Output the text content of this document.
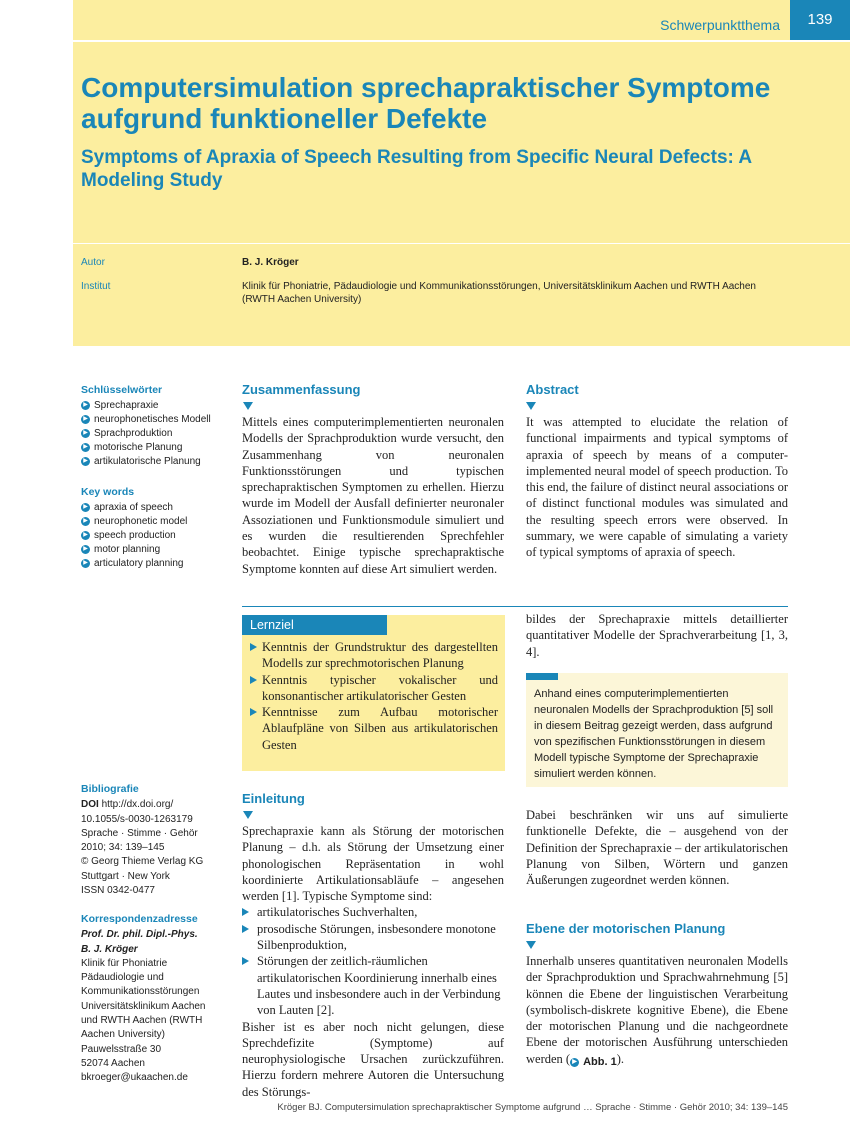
Schwerpunktthema	139
Computersimulation sprechapraktischer Symptome aufgrund funktioneller Defekte
Symptoms of Apraxia of Speech Resulting from Specific Neural Defects: A Modeling Study
Autor	B. J. Kröger
Institut	Klinik für Phoniatrie, Pädaudiologie und Kommunikationsstörungen, Universitätsklinikum Aachen und RWTH Aachen
(RWTH Aachen University)
Schlüsselwörter
▶ Sprechapraxie
▶ neurophonetisches Modell
▶ Sprachproduktion
▶ motorische Planung
▶ artikulatorische Planung
Key words
▶ apraxia of speech
▶ neurophonetic model
▶ speech production
▶ motor planning
▶ articulatory planning
Bibliografie
DOI http://dx.doi.org/
10.1055/s-0030-1263179
Sprache · Stimme · Gehör
2010; 34: 139–145
© Georg Thieme Verlag KG
Stuttgart · New York
ISSN 0342-0477
Korrespondenzadresse
Prof. Dr. phil. Dipl.-Phys.
B. J. Kröger
Klinik für Phoniatrie
Pädaudiologie und
Kommunikationsstörungen
Universitätsklinikum Aachen
und RWTH Aachen (RWTH
Aachen University)
Pauwelsstraße 30
52074 Aachen
bkroeger@ukaachen.de
Zusammenfassung
Mittels eines computerimplementierten neuronalen Modells der Sprachproduktion wurde versucht, den Zusammenhang von neuronalen Funktionsstörungen und typischen sprechapraktischen Symptomen zu erhellen. Hierzu wurde im Modell der Ausfall definierter neuronaler Assoziationen und Funktionsmodule simuliert und es wurden die resultierenden Sprechfehler beobachtet. Einige typische sprechapraktische Symptome konnten auf diese Art simuliert werden.
Abstract
It was attempted to elucidate the relation of functional impairments and typical symptoms of apraxia of speech by means of a computer-implemented neural model of speech production. To this end, the failure of distinct neural associations or of distinct functional modules was simulated and the resulting speech errors were observed. In summary, we were capable of simulating a variety of typical symptoms of apraxia of speech.
Lernziel
Kenntnis der Grundstruktur des dargestellten Modells zur sprechmotorischen Planung
Kenntnis typischer vokalischer und konsonantischer artikulatorischer Gesten
Kenntnisse zum Aufbau motorischer Ablaufpläne von Silben aus artikulatorischen Gesten
Einleitung
Sprechapraxie kann als Störung der motorischen Planung – d.h. als Störung der Umsetzung einer phonologischen Repräsentation in wohl koordinierte Artikulationsabläufe – angesehen werden [1]. Typische Symptome sind:
artikulatorisches Suchverhalten,
prosodische Störungen, insbesondere monotone Silbenproduktion,
Störungen der zeitlich-räumlichen artikulatorischen Koordinierung innerhalb eines Lautes und insbesondere auch in der Verbindung von Lauten [2].
Bisher ist es aber noch nicht gelungen, diese Sprechdefizite (Symptome) auf neurophysiologische Ursachen zurückzuführen. Hierzu fordern mehrere Autoren die Untersuchung des Störungs-
bildes der Sprechapraxie mittels detaillierter quantitativer Modelle der Sprachverarbeitung [1, 3, 4].
Anhand eines computerimplementierten neuronalen Modells der Sprachproduktion [5] soll in diesem Beitrag gezeigt werden, dass aufgrund von spezifischen Funktionsstörungen in diesem Modell typische Symptome der Sprechapraxie simuliert werden können.
Dabei beschränken wir uns auf simulierte funktionelle Defekte, die – ausgehend von der Definition der Sprechapraxie – der artikulatorischen Planung von Silben, Wörtern und ganzen Äußerungen zugeordnet werden können.
Ebene der motorischen Planung
Innerhalb unseres quantitativen neuronalen Modells der Sprachproduktion und Sprachwahrnehmung [5] können die Ebene der linguistischen Verarbeitung (symbolisch-diskrete kognitive Ebene), die Ebene der motorischen Planung und die nachgeordnete Ebene der motorischen Ausführung unterschieden werden ( ▶ Abb. 1 ).
Kröger BJ. Computersimulation sprechapraktischer Symptome aufgrund … Sprache · Stimme · Gehör 2010; 34: 139–145
